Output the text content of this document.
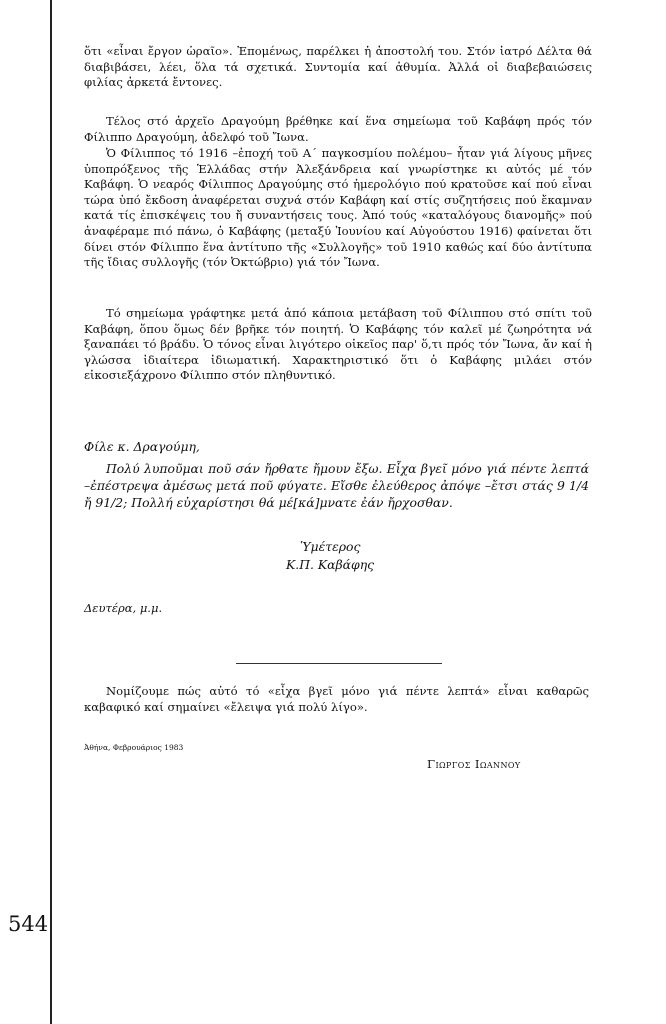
544

ὅτι «εἶναι ἔργον ὡραῖο». Ἐπομένως, παρέλκει ἡ ἀποστολή του. Στόν ἰατρό Δέλτα θά διαβιβάσει, λέει, ὅλα τά σχετικά. Συντομία καί ἀθυμία. Ἀλλά οἱ διαβεβαιώσεις φιλίας ἀρκετά ἔντονες.

Τέλος στό ἀρχεῖο Δραγούμη βρέθηκε καί ἕνα σημείωμα τοῦ Καβάφη πρός τόν Φίλιππο Δραγούμη, ἀδελφό τοῦ Ἴωνα.

Ὁ Φίλιππος τό 1916 –ἐποχή τοῦ Α΄ παγκοσμίου πολέμου– ἦταν γιά λίγους μῆνες ὑποπρόξενος τῆς Ἑλλάδας στήν Ἀλεξάνδρεια καί γνωρίστηκε κι αὐτός μέ τόν Καβάφη. Ὁ νεαρός Φίλιππος Δραγούμης στό ἡμερολόγιο πού κρατοῦσε καί πού εἶναι τώρα ὑπό ἔκδοση ἀναφέρεται συχνά στόν Καβάφη καί στίς συζητήσεις πού ἔκαμναν κατά τίς ἐπισκέψεις του ἤ συναντήσεις τους. Ἀπό τούς «καταλόγους διανομῆς» πού ἀναφέραμε πιό πάνω, ὁ Καβάφης (μεταξύ Ἰουνίου καί Αὐγούστου 1916) φαίνεται ὅτι δίνει στόν Φίλιππο ἕνα ἀντίτυπο τῆς «Συλλογῆς» τοῦ 1910 καθώς καί δύο ἀντίτυπα τῆς ἴδιας συλλογῆς (τόν Ὀκτώβριο) γιά τόν Ἴωνα.

Τό σημείωμα γράφτηκε μετά ἀπό κάποια μετάβαση τοῦ Φίλιππου στό σπίτι τοῦ Καβάφη, ὅπου ὅμως δέν βρῆκε τόν ποιητή. Ὁ Καβάφης τόν καλεῖ μέ ζωηρότητα νά ξαναπάει τό βράδυ. Ὁ τόνος εἶναι λιγότερο οἰκεῖος παρ' ὅ,τι πρός τόν Ἴωνα, ἄν καί ἡ γλώσσα ἰδιαίτερα ἰδιωματική. Χαρακτηριστικό ὅτι ὁ Καβάφης μιλάει στόν εἰκοσιεξάχρονο Φίλιππο στόν πληθυντικό.

Φίλε κ. Δραγούμη,
Πολύ λυποῦμαι ποῦ σάν ἤρθατε ἤμουν ἔξω. Εἶχα βγεῖ μόνο γιά πέντε λεπτά –ἐπέστρεψα ἀμέσως μετά ποῦ φύγατε. Εἴσθε ἐλεύθερος ἀπόψε –ἔτσι στάς 9 1/4 ἤ 91/2; Πολλή εὐχαρίστησι θά μέ[κά]μνατε ἐάν ἤρχοσθαν.
Ὑμέτερος
Κ.Π. Καβάφης
Δευτέρα, μ.μ.

Νομίζουμε πώς αὐτό τό «εἶχα βγεῖ μόνο γιά πέντε λεπτά» εἶναι καθαρῶς καβαφικό καί σημαίνει «ἔλειψα γιά πολύ λίγο».

Ἀθήνα, Φεβρουάριος 1983
Γιωργος Ιωαννου
